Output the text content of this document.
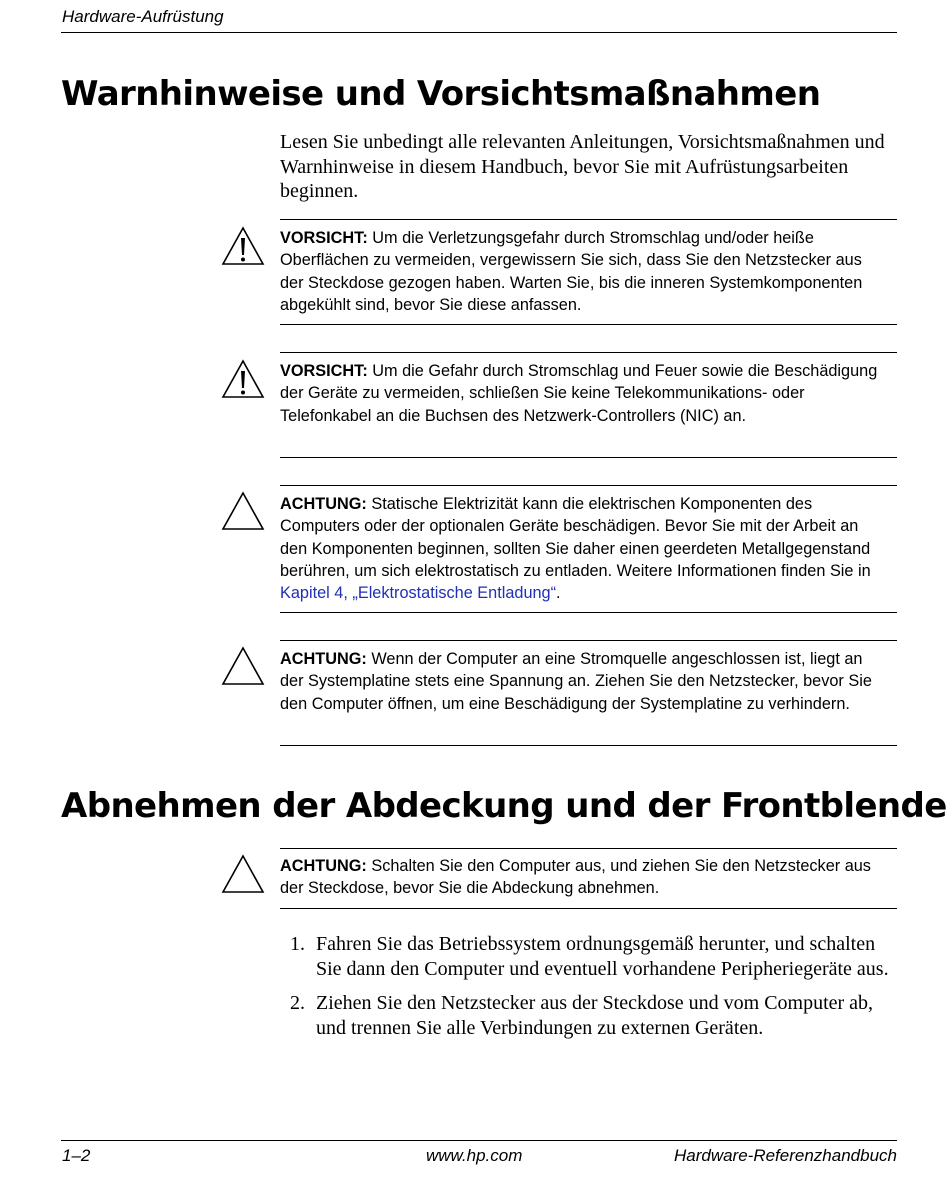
Hardware-Aufrüstung
Warnhinweise und Vorsichtsmaßnahmen
Lesen Sie unbedingt alle relevanten Anleitungen, Vorsichtsmaßnahmen und Warnhinweise in diesem Handbuch, bevor Sie mit Aufrüstungsarbeiten beginnen.
VORSICHT: Um die Verletzungsgefahr durch Stromschlag und/oder heiße Oberflächen zu vermeiden, vergewissern Sie sich, dass Sie den Netzstecker aus der Steckdose gezogen haben. Warten Sie, bis die inneren Systemkomponenten abgekühlt sind, bevor Sie diese anfassen.
VORSICHT: Um die Gefahr durch Stromschlag und Feuer sowie die Beschädigung der Geräte zu vermeiden, schließen Sie keine Telekommunikations- oder Telefonkabel an die Buchsen des Netzwerk-Controllers (NIC) an.
ACHTUNG: Statische Elektrizität kann die elektrischen Komponenten des Computers oder der optionalen Geräte beschädigen. Bevor Sie mit der Arbeit an den Komponenten beginnen, sollten Sie daher einen geerdeten Metallgegenstand berühren, um sich elektrostatisch zu entladen. Weitere Informationen finden Sie in Kapitel 4, „Elektrostatische Entladung“.
ACHTUNG: Wenn der Computer an eine Stromquelle angeschlossen ist, liegt an der Systemplatine stets eine Spannung an. Ziehen Sie den Netzstecker, bevor Sie den Computer öffnen, um eine Beschädigung der Systemplatine zu verhindern.
Abnehmen der Abdeckung und der Frontblende
ACHTUNG: Schalten Sie den Computer aus, und ziehen Sie den Netzstecker aus der Steckdose, bevor Sie die Abdeckung abnehmen.
1. Fahren Sie das Betriebssystem ordnungsgemäß herunter, und schalten Sie dann den Computer und eventuell vorhandene Peripheriegeräte aus.
2. Ziehen Sie den Netzstecker aus der Steckdose und vom Computer ab, und trennen Sie alle Verbindungen zu externen Geräten.
1–2	www.hp.com	Hardware-Referenzhandbuch
